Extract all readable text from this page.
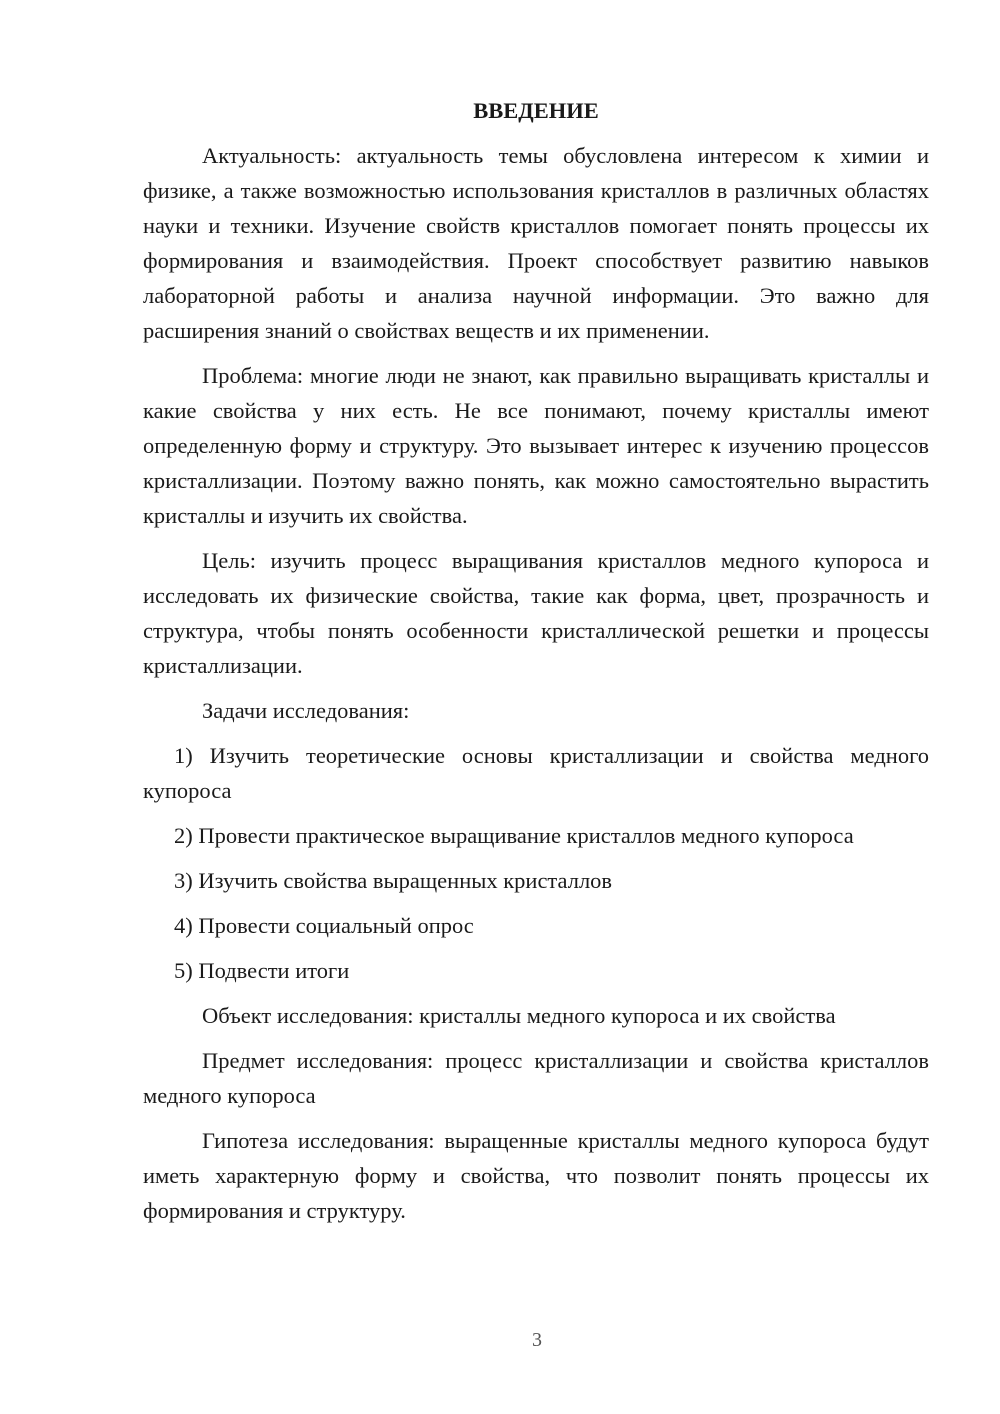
ВВЕДЕНИЕ

Актуальность: актуальность темы обусловлена интересом к химии и физике, а также возможностью использования кристаллов в различных областях науки и техники. Изучение свойств кристаллов помогает понять процессы их формирования и взаимодействия. Проект способствует развитию навыков лабораторной работы и анализа научной информации. Это важно для расширения знаний о свойствах веществ и их применении.

Проблема: многие люди не знают, как правильно выращивать кристаллы и какие свойства у них есть. Не все понимают, почему кристаллы имеют определенную форму и структуру. Это вызывает интерес к изучению процессов кристаллизации. Поэтому важно понять, как можно самостоятельно вырастить кристаллы и изучить их свойства.

Цель: изучить процесс выращивания кристаллов медного купороса и исследовать их физические свойства, такие как форма, цвет, прозрачность и структура, чтобы понять особенности кристаллической решетки и процессы кристаллизации.

Задачи исследования:

1) Изучить теоретические основы кристаллизации и свойства медного купороса

2) Провести практическое выращивание кристаллов медного купороса

3) Изучить свойства выращенных кристаллов

4) Провести социальный опрос

5) Подвести итоги

Объект исследования: кристаллы медного купороса и их свойства

Предмет исследования: процесс кристаллизации и свойства кристаллов медного купороса

Гипотеза исследования: выращенные кристаллы медного купороса будут иметь характерную форму и свойства, что позволит понять процессы их формирования и структуру.

3
